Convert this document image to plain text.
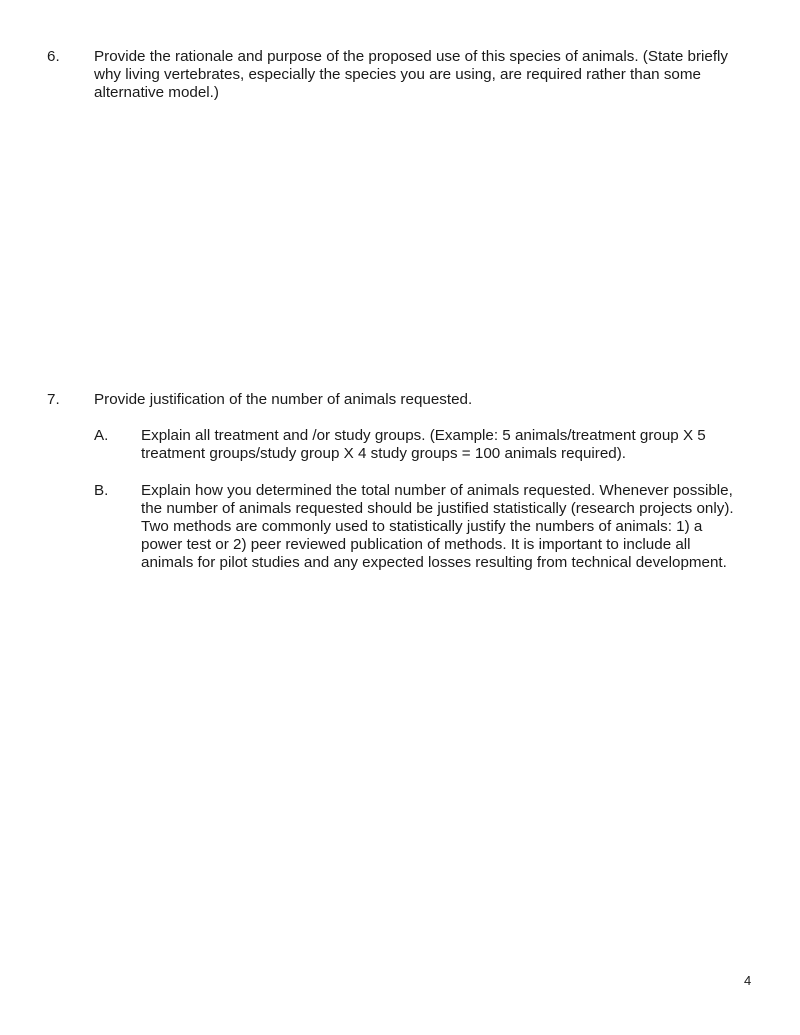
6. Provide the rationale and purpose of the proposed use of this species of animals. (State briefly why living vertebrates, especially the species you are using, are required rather than some alternative model.)
7. Provide justification of the number of animals requested.
A. Explain all treatment and /or study groups. (Example: 5 animals/treatment group X 5 treatment groups/study group X 4 study groups = 100 animals required).
B. Explain how you determined the total number of animals requested. Whenever possible, the number of animals requested should be justified statistically (research projects only). Two methods are commonly used to statistically justify the numbers of animals: 1) a power test or 2) peer reviewed publication of methods. It is important to include all animals for pilot studies and any expected losses resulting from technical development.
4
